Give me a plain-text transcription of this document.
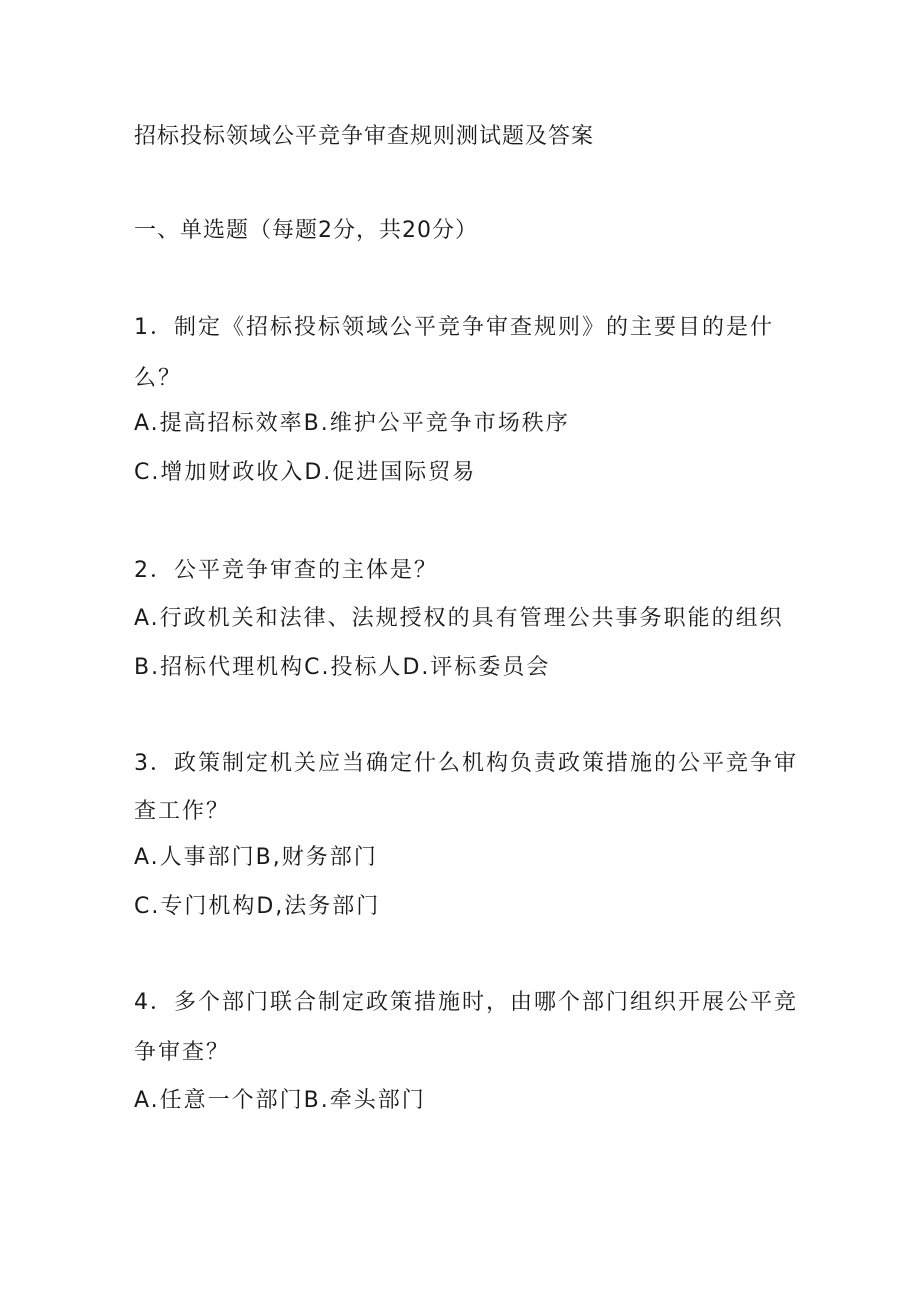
招标投标领域公平竞争审查规则测试题及答案
一、单选题（每题2分，共20分）
1．制定《招标投标领域公平竞争审查规则》的主要目的是什
么？
A.提高招标效率B.维护公平竞争市场秩序
C.增加财政收入D.促进国际贸易
2．公平竞争审查的主体是？
A.行政机关和法律、法规授权的具有管理公共事务职能的组织
B.招标代理机构C.投标人D.评标委员会
3．政策制定机关应当确定什么机构负责政策措施的公平竞争审
查工作？
A.人事部门B,财务部门
C.专门机构D,法务部门
4．多个部门联合制定政策措施时，由哪个部门组织开展公平竞
争审查？
A.任意一个部门B.牵头部门
